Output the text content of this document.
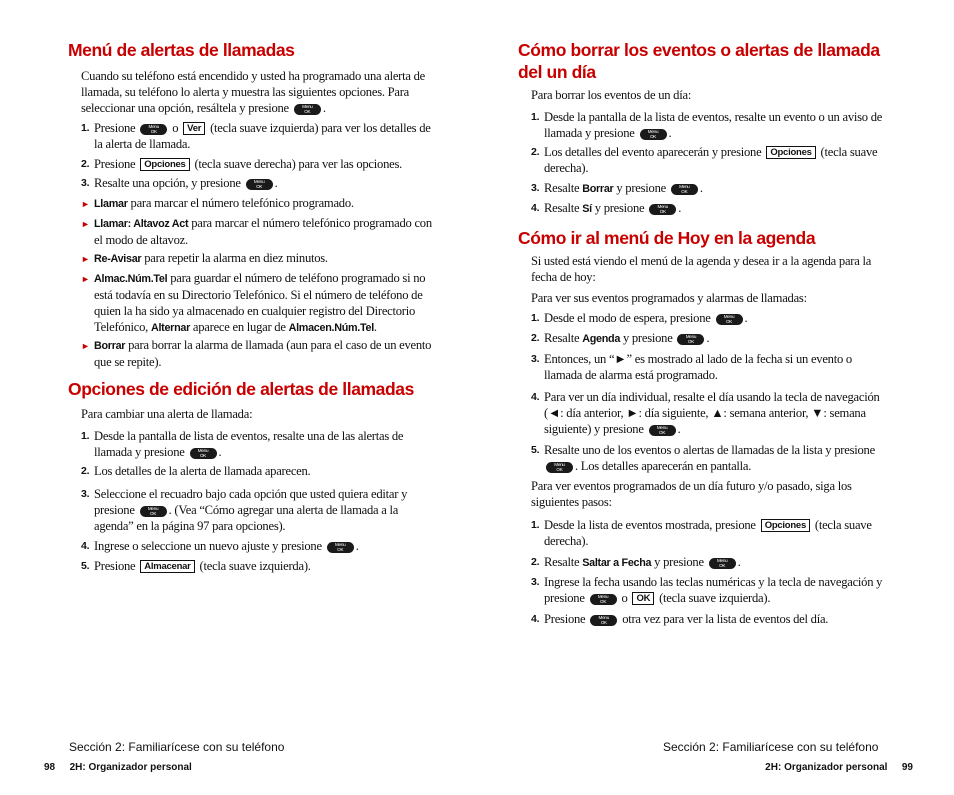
Menú de alertas de llamadas
Cuando su teléfono está encendido y usted ha programado una alerta de llamada, su teléfono lo alerta y muestra las siguientes opciones. Para seleccionar una opción, resáltela y presione	Menu
OK .
1. Presione	Menu
OK o Ver (tecla suave izquierda) para ver los detalles de la alerta de llamada.
2. Presione Opciones (tecla suave derecha) para ver las opciones.
3. Resalte una opción, y presione	Menu
OK .
► Llamar para marcar el número telefónico programado.
► Llamar: Altavoz Act para marcar el número telefónico programado con el modo de altavoz.
► Re-Avisar para repetir la alarma en diez minutos.
► Almac.Núm.Tel para guardar el número de teléfono programado si no está todavía en su Directorio Telefónico. Si el número de teléfono de quien la ha sido ya almacenado en cualquier registro del Directorio Telefónico, Alternar aparece en lugar de Almacen.Núm.Tel.
► Borrar para borrar la alarma de llamada (aun para el caso de un evento que se repite).
Opciones de edición de alertas de llamadas
Para cambiar una alerta de llamada:
1. Desde la pantalla de lista de eventos, resalte una de las alertas de llamada y presione	Menu
OK .
2. Los detalles de la alerta de llamada aparecen.
3. Seleccione el recuadro bajo cada opción que usted quiera editar y presione	Menu
OK . (Vea “Cómo agregar una alerta de llamada a la agenda” en la página 97 para opciones).
4. Ingrese o seleccione un nuevo ajuste y presione	Menu
OK .
5. Presione Almacenar (tecla suave izquierda).
Sección 2: Familiarícese con su teléfono
98 2H: Organizador personal
Cómo borrar los eventos o alertas de llamada del un día
Para borrar los eventos de un día:
1. Desde la pantalla de la lista de eventos, resalte un evento o un aviso de llamada y presione	Menu
OK .
2. Los detalles del evento aparecerán y presione Opciones (tecla suave derecha).
3. Resalte Borrar y presione	Menu
OK .
4. Resalte Sí y presione	Menu
OK .
Cómo ir al menú de Hoy en la agenda
Si usted está viendo el menú de la agenda y desea ir a la agenda para la fecha de hoy:
Para ver sus eventos programados y alarmas de llamadas:
1. Desde el modo de espera, presione	Menu
OK .
2. Resalte Agenda y presione	Menu
OK .
3. Entonces, un “►” es mostrado al lado de la fecha si un evento o llamada de alarma está programado.
4. Para ver un día individual, resalte el día usando la tecla de navegación (◄: día anterior, ►: día siguiente, ▲: semana anterior, ▼: semana siguiente) y presione	Menu
OK .
5. Resalte uno de los eventos o alertas de llamadas de la lista y presione Menu
OK . Los detalles aparecerán en pantalla.
Para ver eventos programados de un día futuro y/o pasado, siga los siguientes pasos:
1. Desde la lista de eventos mostrada, presione Opciones (tecla suave derecha).
2. Resalte Saltar a Fecha y presione	Menu
OK .
3. Ingrese la fecha usando las teclas numéricas y la tecla de navegación y presione	Menu
OK o OK (tecla suave izquierda).
4. Presione	Menu
OK otra vez para ver la lista de eventos del día.
Sección 2: Familiarícese con su teléfono
2H: Organizador personal 99
